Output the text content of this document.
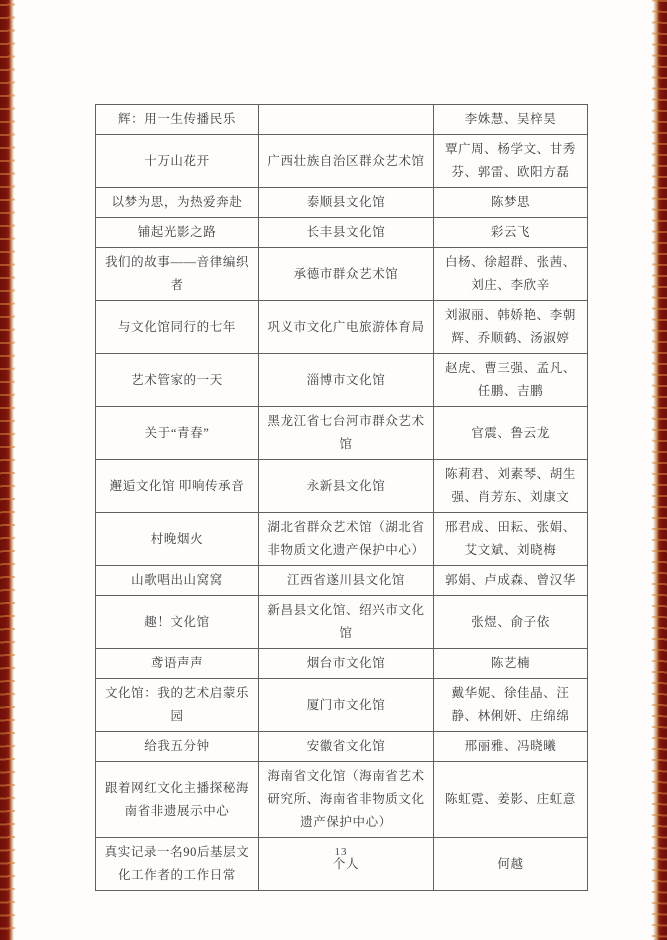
辉：用一生传播民乐		李姝慧、吴梓昊
十万山花开	广西壮族自治区群众艺术馆	覃广周、杨学文、甘秀芬、郭雷、欧阳方磊
以梦为思，为热爱奔赴	泰顺县文化馆	陈梦思
铺起光影之路	长丰县文化馆	彩云飞
我们的故事——音律编织者	承德市群众艺术馆	白杨、徐超群、张茜、刘庄、李欣辛
与文化馆同行的七年	巩义市文化广电旅游体育局	刘淑丽、韩娇艳、李朝辉、乔顺鹤、汤淑婷
艺术管家的一天	淄博市文化馆	赵虎、曹三强、孟凡、任鹏、吉鹏
关于“青春”	黑龙江省七台河市群众艺术馆	官震、鲁云龙
邂逅文化馆 叩响传承音	永新县文化馆	陈莉君、刘素琴、胡生强、肖芳东、刘康文
村晚烟火	湖北省群众艺术馆（湖北省非物质文化遗产保护中心）	邢君成、田耘、张娟、艾文斌、刘晓梅
山歌唱出山窝窝	江西省遂川县文化馆	郭娟、卢成森、曾汉华
趣！文化馆	新昌县文化馆、绍兴市文化馆	张煜、俞子依
鸢语声声	烟台市文化馆	陈艺楠
文化馆：我的艺术启蒙乐园	厦门市文化馆	戴华妮、徐佳晶、汪静、林俐妍、庄绵绵
给我五分钟	安徽省文化馆	邢丽雅、冯晓曦
跟着网红文化主播探秘海南省非遗展示中心	海南省文化馆（海南省艺术研究所、海南省非物质文化遗产保护中心）	陈虹霓、姜影、庄虹意
真实记录一名90后基层文化工作者的工作日常	个人	何越
13
